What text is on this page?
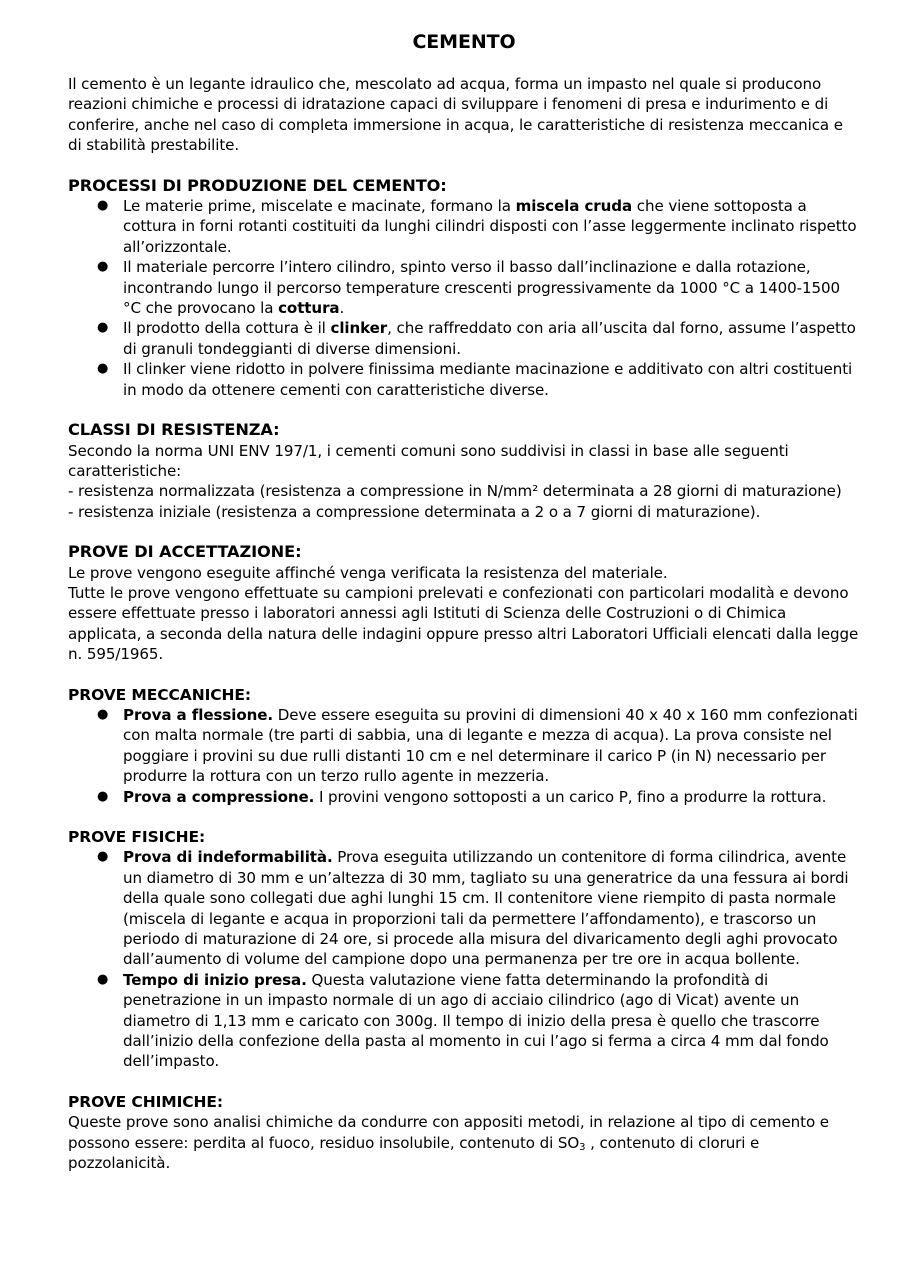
CEMENTO

Il cemento è un legante idraulico che, mescolato ad acqua, forma un impasto nel quale si producono reazioni chimiche e processi di idratazione capaci di sviluppare i fenomeni di presa e indurimento e di conferire, anche nel caso di completa immersione in acqua, le caratteristiche di resistenza meccanica e di stabilità prestabilite.

PROCESSI DI PRODUZIONE DEL CEMENTO:
● Le materie prime, miscelate e macinate, formano la miscela cruda che viene sottoposta a cottura in forni rotanti costituiti da lunghi cilindri disposti con l’asse leggermente inclinato rispetto all’orizzontale.
● Il materiale percorre l’intero cilindro, spinto verso il basso dall’inclinazione e dalla rotazione, incontrando lungo il percorso temperature crescenti progressivamente da 1000 °C a 1400-1500 °C che provocano la cottura.
● Il prodotto della cottura è il clinker, che raffreddato con aria all’uscita dal forno, assume l’aspetto di granuli tondeggianti di diverse dimensioni.
● Il clinker viene ridotto in polvere finissima mediante macinazione e additivato con altri costituenti in modo da ottenere cementi con caratteristiche diverse.
CLASSI DI RESISTENZA:

Secondo la norma UNI ENV 197/1, i cementi comuni sono suddivisi in classi in base alle seguenti caratteristiche:

- resistenza normalizzata (resistenza a compressione in N/mm² determinata a 28 giorni di maturazione)

- resistenza iniziale (resistenza a compressione determinata a 2 o a 7 giorni di maturazione).

PROVE DI ACCETTAZIONE:

Le prove vengono eseguite affinché venga verificata la resistenza del materiale.

Tutte le prove vengono effettuate su campioni prelevati e confezionati con particolari modalità e devono essere effettuate presso i laboratori annessi agli Istituti di Scienza delle Costruzioni o di Chimica applicata, a seconda della natura delle indagini oppure presso altri Laboratori Ufficiali elencati dalla legge n. 595/1965.

PROVE MECCANICHE:
● Prova a flessione. Deve essere eseguita su provini di dimensioni 40 x 40 x 160 mm confezionati con malta normale (tre parti di sabbia, una di legante e mezza di acqua). La prova consiste nel poggiare i provini su due rulli distanti 10 cm e nel determinare il carico P (in N) necessario per produrre la rottura con un terzo rullo agente in mezzeria.
● Prova a compressione. I provini vengono sottoposti a un carico P, fino a produrre la rottura.
PROVE FISICHE:
● Prova di indeformabilità. Prova eseguita utilizzando un contenitore di forma cilindrica, avente un diametro di 30 mm e un’altezza di 30 mm, tagliato su una generatrice da una fessura ai bordi della quale sono collegati due aghi lunghi 15 cm. Il contenitore viene riempito di pasta normale (miscela di legante e acqua in proporzioni tali da permettere l’affondamento), e trascorso un periodo di maturazione di 24 ore, si procede alla misura del divaricamento degli aghi provocato dall’aumento di volume del campione dopo una permanenza per tre ore in acqua bollente.
● Tempo di inizio presa. Questa valutazione viene fatta determinando la profondità di penetrazione in un impasto normale di un ago di acciaio cilindrico (ago di Vicat) avente un diametro di 1,13 mm e caricato con 300g. Il tempo di inizio della presa è quello che trascorre dall’inizio della confezione della pasta al momento in cui l’ago si ferma a circa 4 mm dal fondo dell’impasto.
PROVE CHIMICHE:

Queste prove sono analisi chimiche da condurre con appositi metodi, in relazione al tipo di cemento e possono essere: perdita al fuoco, residuo insolubile, contenuto di $SO_3$ , contenuto di cloruri e pozzolanicità.
